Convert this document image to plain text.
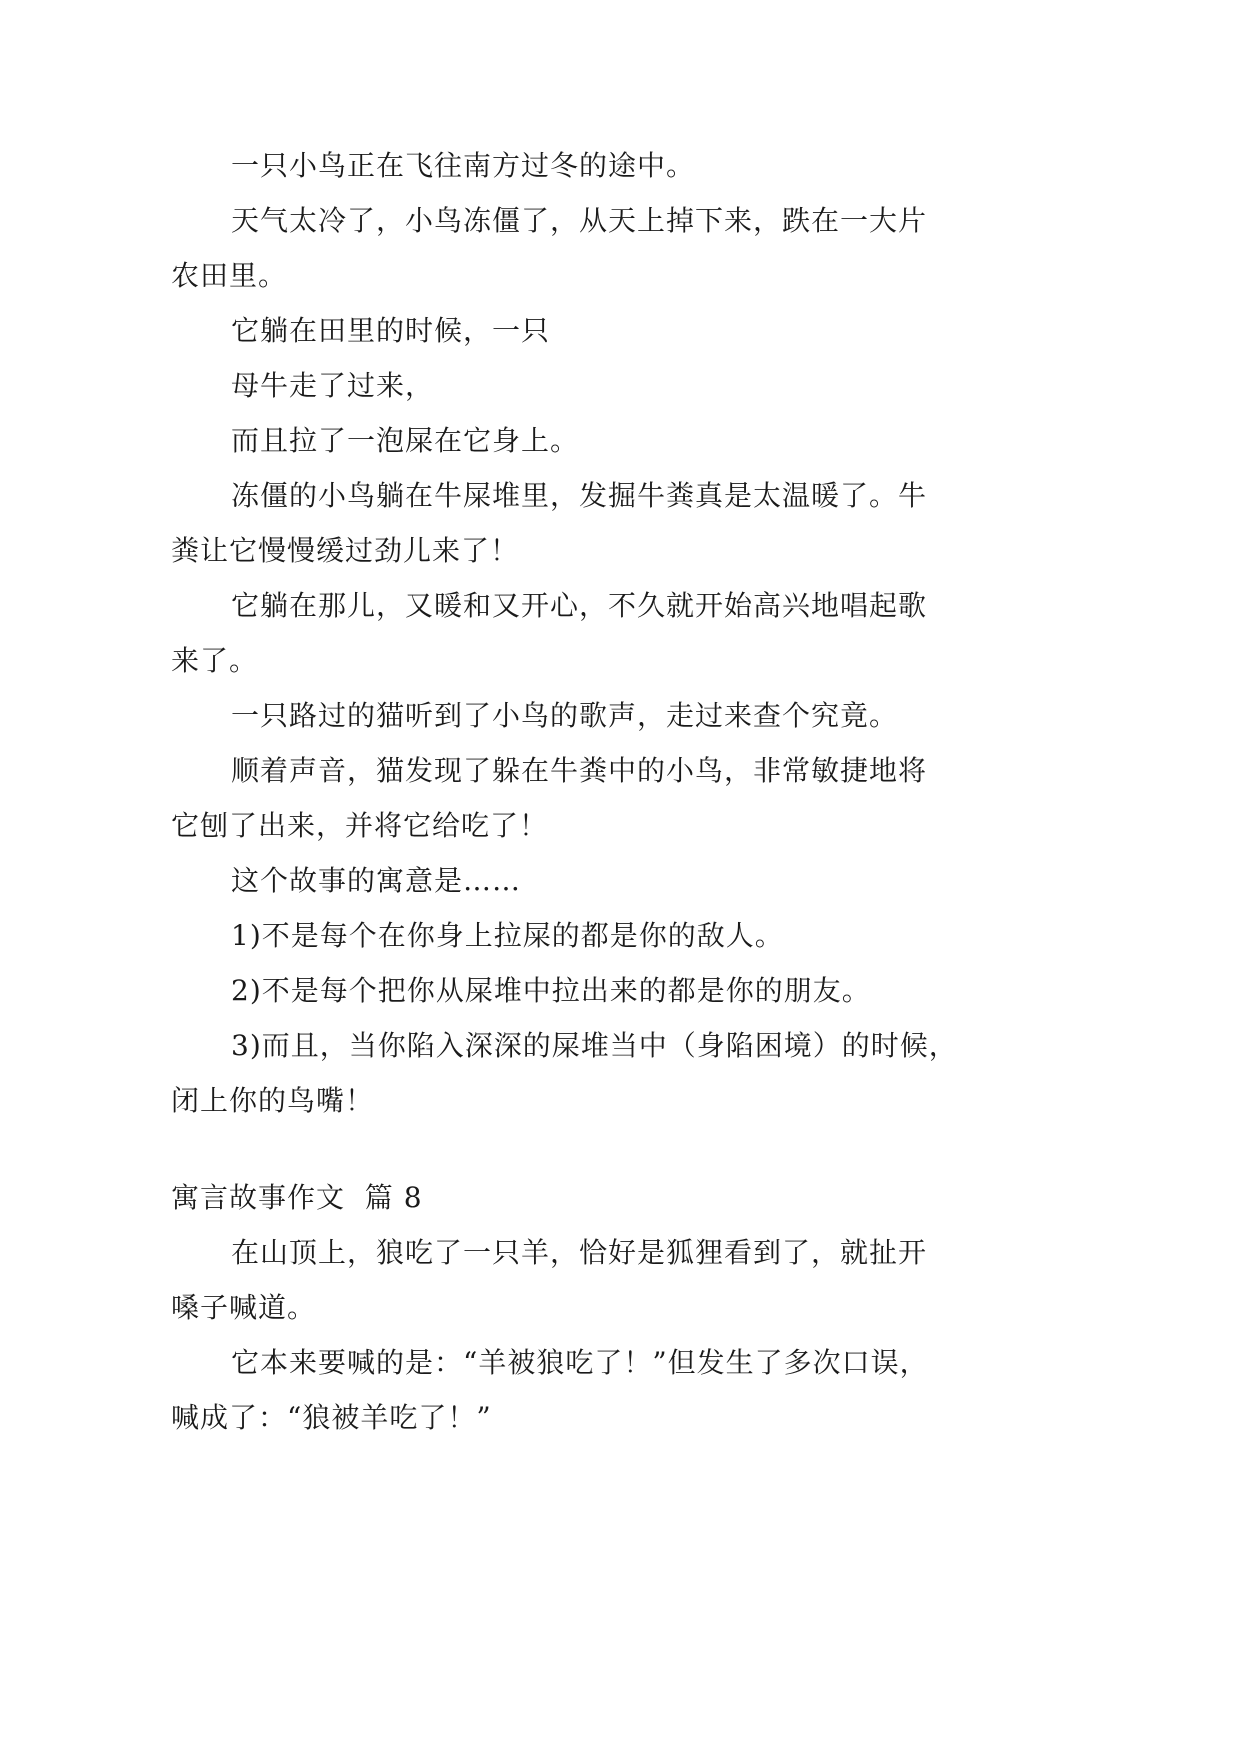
一只小鸟正在飞往南方过冬的途中。
天气太冷了，小鸟冻僵了，从天上掉下来，跌在一大片
农田里。
它躺在田里的时候，一只
母牛走了过来，
而且拉了一泡屎在它身上。
冻僵的小鸟躺在牛屎堆里，发掘牛粪真是太温暖了。牛
粪让它慢慢缓过劲儿来了！
它躺在那儿，又暖和又开心，不久就开始高兴地唱起歌
来了。
一只路过的猫听到了小鸟的歌声，走过来查个究竟。
顺着声音，猫发现了躲在牛粪中的小鸟，非常敏捷地将
它刨了出来，并将它给吃了！
这个故事的寓意是……
1)不是每个在你身上拉屎的都是你的敌人。
2)不是每个把你从屎堆中拉出来的都是你的朋友。
3)而且，当你陷入深深的屎堆当中（身陷困境）的时候，
闭上你的鸟嘴！
寓言故事作文  篇 8
在山顶上，狼吃了一只羊，恰好是狐狸看到了，就扯开
嗓子喊道。
它本来要喊的是：“羊被狼吃了！”但发生了多次口误，
喊成了：“狼被羊吃了！”
